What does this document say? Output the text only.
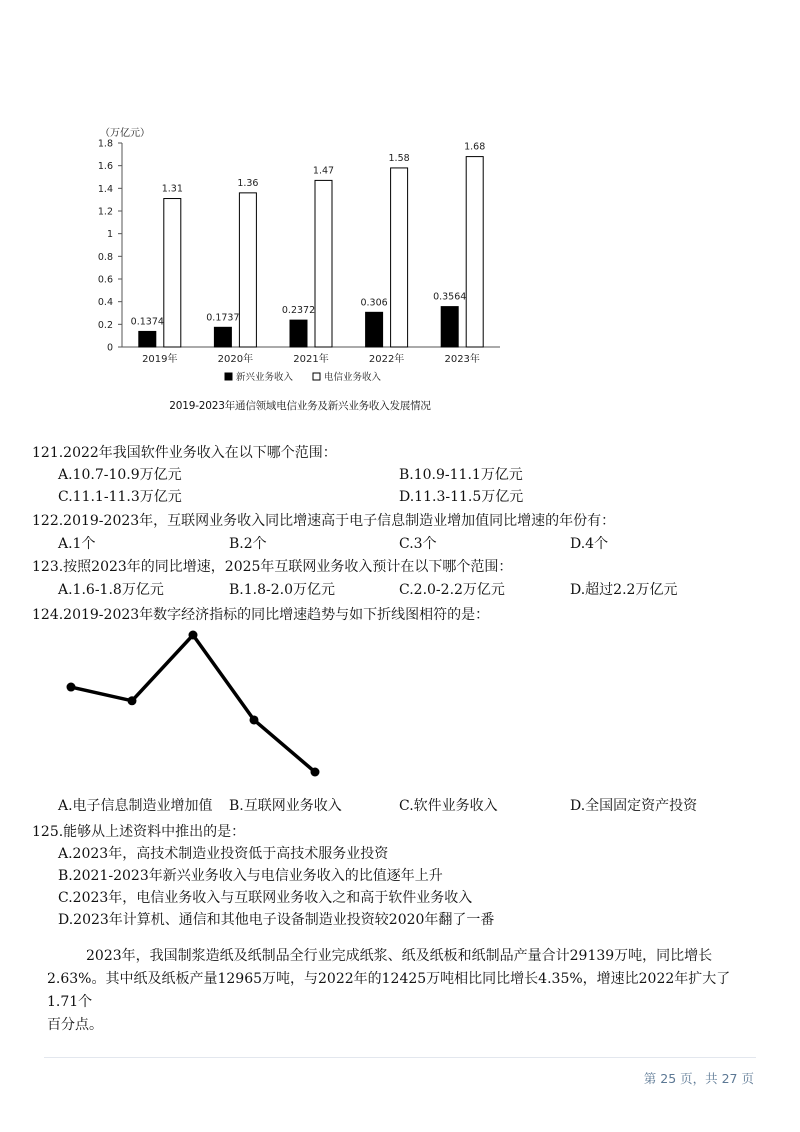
（万亿元）
0
0.2
0.4
0.6
0.8
1
1.2
1.4
1.6
1.8
2019年
0.1374
1.31
2020年
0.1737
1.36
2021年
0.2372
1.47
2022年
0.306
1.58
2023年
0.3564
1.68
新兴业务收入	电信业务收入
2019-2023年通信领域电信业务及新兴业务收入发展情况
121.2022年我国软件业务收入在以下哪个范围：
A.10.7-10.9万亿元	B.10.9-11.1万亿元
C.11.1-11.3万亿元	D.11.3-11.5万亿元
122.2019-2023年，互联网业务收入同比增速高于电子信息制造业增加值同比增速的年份有：
A.1个	B.2个	C.3个	D.4个
123.按照2023年的同比增速，2025年互联网业务收入预计在以下哪个范围：
A.1.6-1.8万亿元	B.1.8-2.0万亿元	C.2.0-2.2万亿元	D.超过2.2万亿元
124.2019-2023年数字经济指标的同比增速趋势与如下折线图相符的是：
A.电子信息制造业增加值 B.互联网业务收入	C.软件业务收入	D.全国固定资产投资
125.能够从上述资料中推出的是：
A.2023年，高技术制造业投资低于高技术服务业投资
B.2021-2023年新兴业务收入与电信业务收入的比值逐年上升
C.2023年，电信业务收入与互联网业务收入之和高于软件业务收入
D.2023年计算机、通信和其他电子设备制造业投资较2020年翻了一番
2023年，我国制浆造纸及纸制品全行业完成纸浆、纸及纸板和纸制品产量合计29139万吨，同比增长
2.63%。其中纸及纸板产量12965万吨，与2022年的12425万吨相比同比增长4.35%，增速比2022年扩大了1.71个
百分点。
第 25 页，共 27 页
